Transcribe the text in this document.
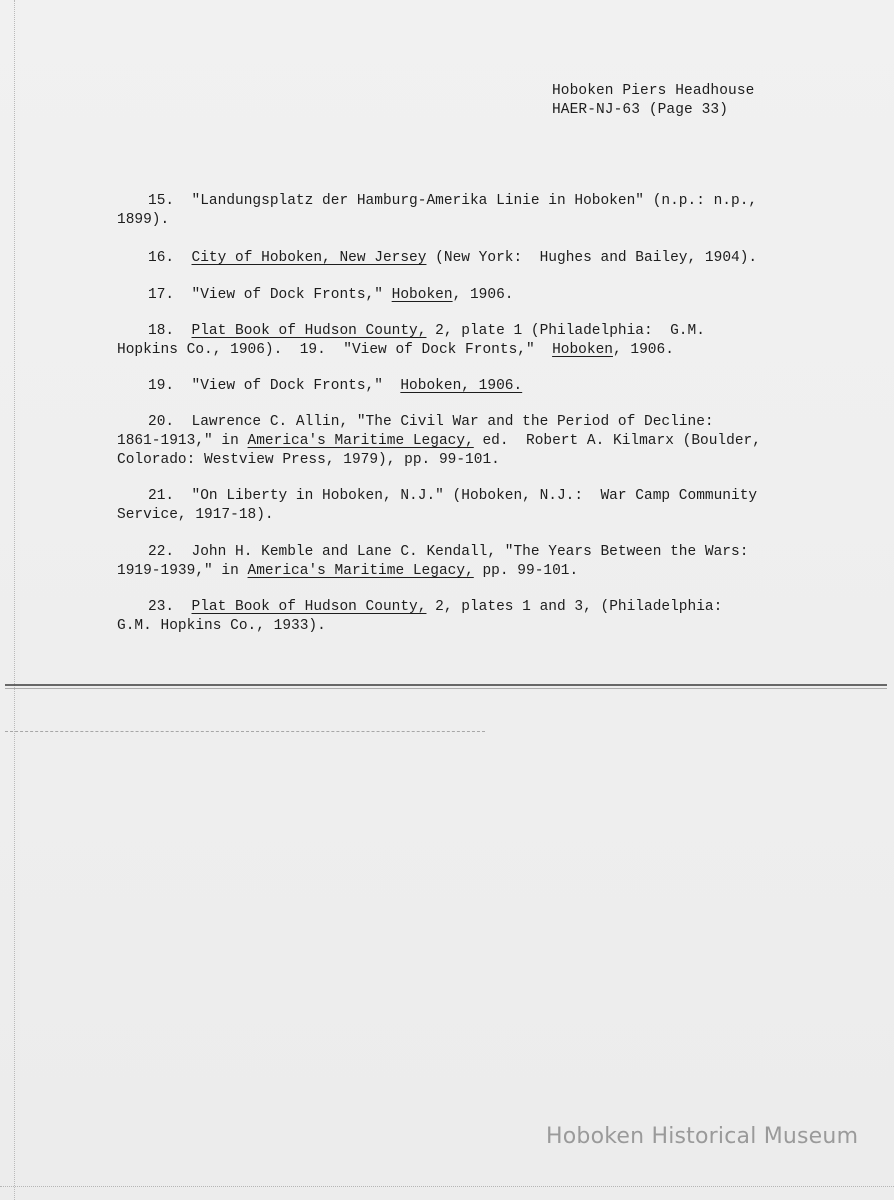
Hoboken Piers Headhouse
HAER-NJ-63 (Page 33)
15.  "Landungsplatz der Hamburg-Amerika Linie in Hoboken" (n.p.: n.p.,
1899).
16.  City of Hoboken, New Jersey (New York:  Hughes and Bailey, 1904).
17.  "View of Dock Fronts," Hoboken, 1906.
18.  Plat Book of Hudson County, 2, plate 1 (Philadelphia:  G.M.
Hopkins Co., 1906).  19.  "View of Dock Fronts,"  Hoboken, 1906.
19.  "View of Dock Fronts,"  Hoboken, 1906.
20.  Lawrence C. Allin, "The Civil War and the Period of Decline:
1861-1913," in America's Maritime Legacy, ed.  Robert A. Kilmarx (Boulder,
Colorado: Westview Press, 1979), pp. 99-101.
21.  "On Liberty in Hoboken, N.J." (Hoboken, N.J.:  War Camp Community
Service, 1917-18).
22.  John H. Kemble and Lane C. Kendall, "The Years Between the Wars:
1919-1939," in America's Maritime Legacy, pp. 99-101.
23.  Plat Book of Hudson County, 2, plates 1 and 3, (Philadelphia:
G.M. Hopkins Co., 1933).
Hoboken Historical Museum
